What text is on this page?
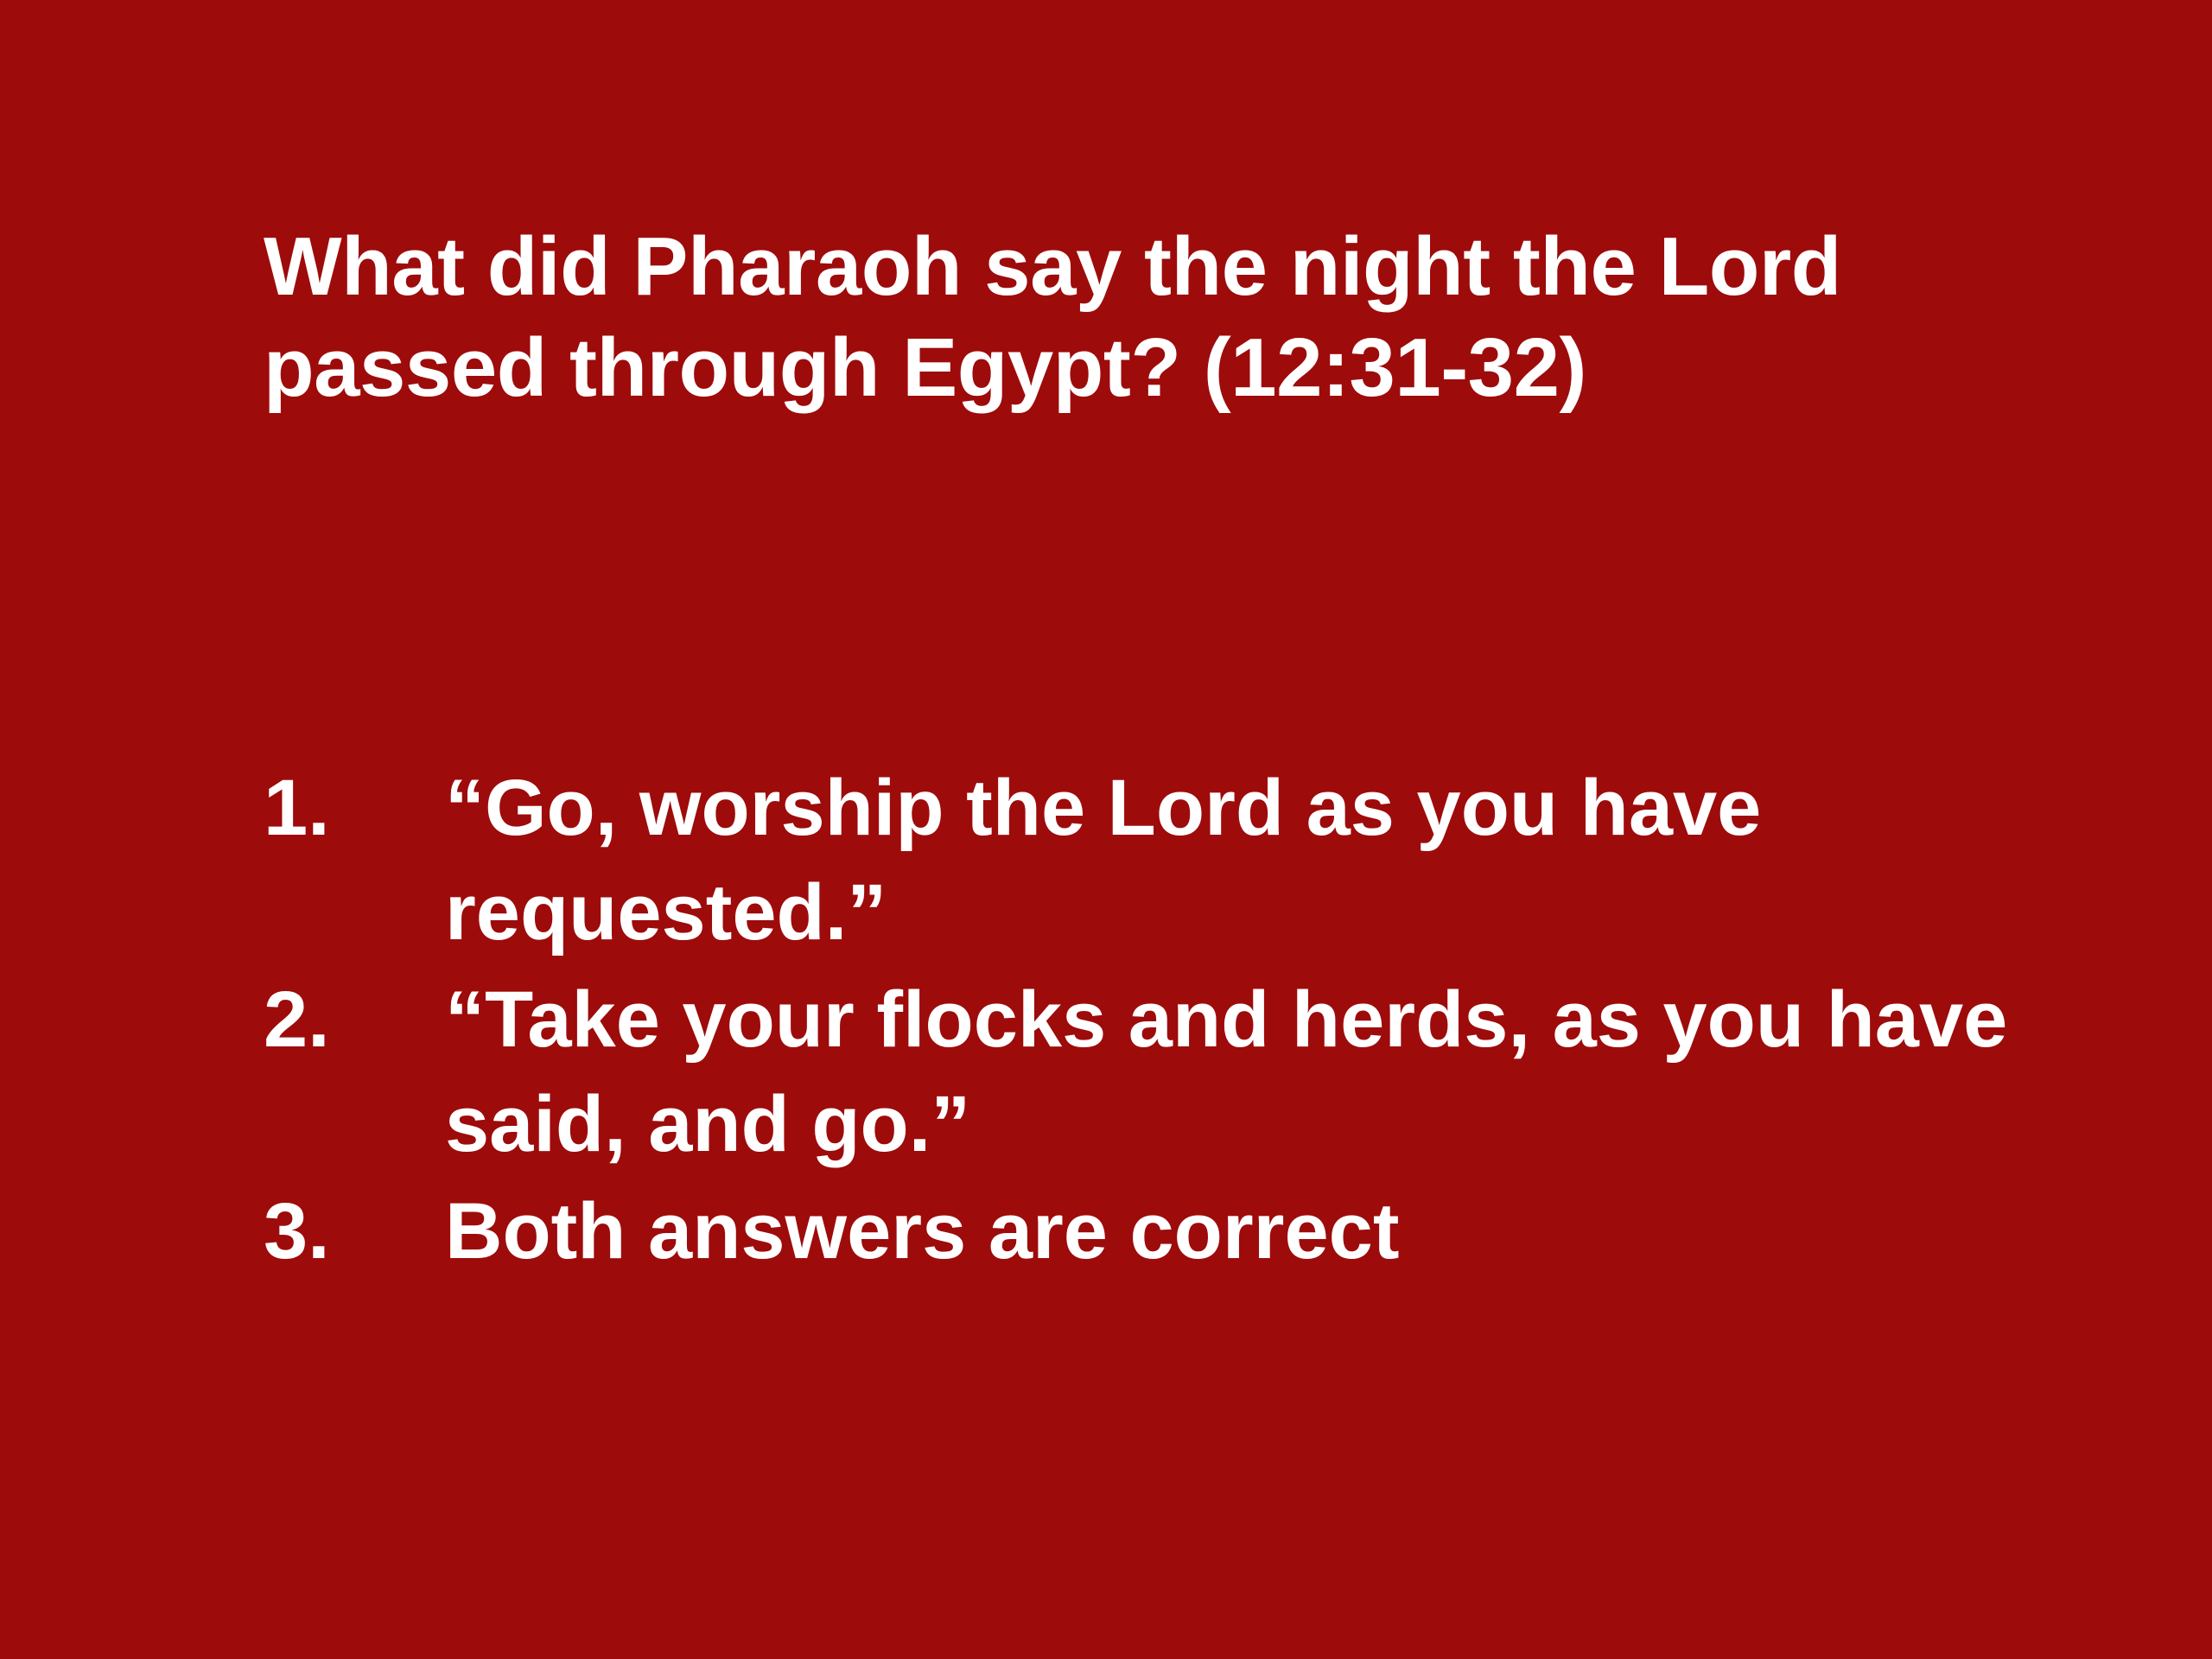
What did Pharaoh say the night the Lord passed through Egypt? (12:31-32)
1.	“Go, worship the Lord as you have requested.”
2.	“Take your flocks and herds, as you have said, and go.”
3.	Both answers are correct
